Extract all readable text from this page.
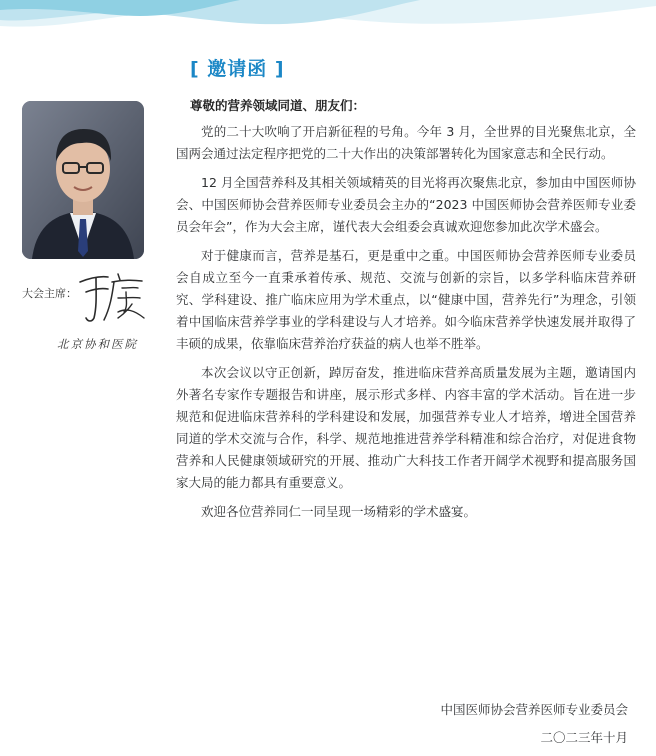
大会主席：
北京协和医院
[ 邀请函 ]
尊敬的营养领域同道、朋友们：

党的二十大吹响了开启新征程的号角。今年 3 月，全世界的目光聚焦北京，全国两会通过法定程序把党的二十大作出的决策部署转化为国家意志和全民行动。

12 月全国营养科及其相关领域精英的目光将再次聚焦北京，参加由中国医师协会、中国医师协会营养医师专业委员会主办的“2023 中国医师协会营养医师专业委员会年会”，作为大会主席，谨代表大会组委会真诚欢迎您参加此次学术盛会。

对于健康而言，营养是基石，更是重中之重。中国医师协会营养医师专业委员会自成立至今一直秉承着传承、规范、交流与创新的宗旨，以多学科临床营养研究、学科建设、推广临床应用为学术重点，以“健康中国，营养先行”为理念，引领着中国临床营养学事业的学科建设与人才培养。如今临床营养学快速发展并取得了丰硕的成果，依靠临床营养治疗获益的病人也举不胜举。

本次会议以守正创新，踔厉奋发，推进临床营养高质量发展为主题，邀请国内外著名专家作专题报告和讲座，展示形式多样、内容丰富的学术活动。旨在进一步规范和促进临床营养科的学科建设和发展，加强营养专业人才培养，增进全国营养同道的学术交流与合作，科学、规范地推进营养学科精准和综合治疗，对促进食物营养和人民健康领域研究的开展、推动广大科技工作者开阔学术视野和提高服务国家大局的能力都具有重要意义。

欢迎各位营养同仁一同呈现一场精彩的学术盛宴。

中国医师协会营养医师专业委员会
二〇二三年十月
